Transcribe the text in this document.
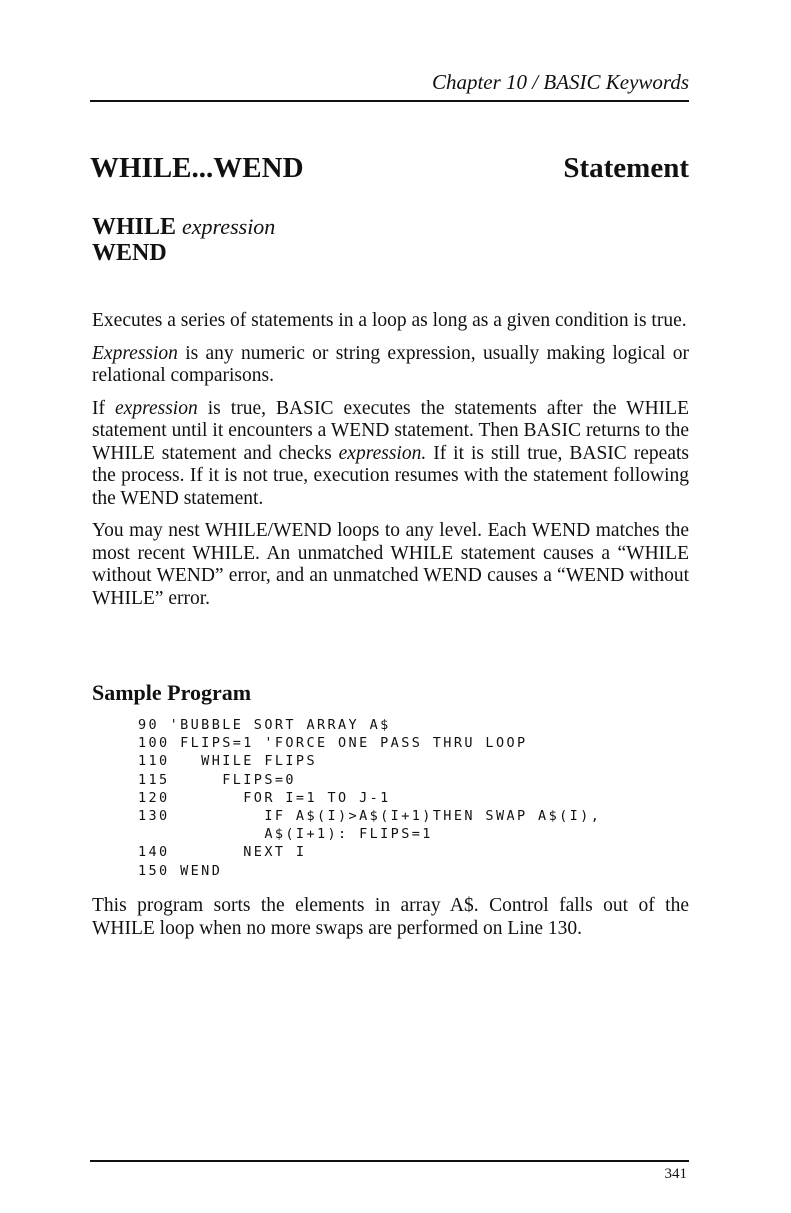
Chapter 10 / BASIC Keywords
WHILE...WEND	Statement
WHILE expression
WEND

Executes a series of statements in a loop as long as a given condition is true.

Expression is any numeric or string expression, usually making logical or relational comparisons.

If expression is true, BASIC executes the statements after the WHILE statement until it encounters a WEND statement. Then BASIC returns to the WHILE statement and checks expression. If it is still true, BASIC repeats the process. If it is not true, execution resumes with the statement following the WEND statement.

You may nest WHILE/WEND loops to any level. Each WEND matches the most recent WHILE. An unmatched WHILE statement causes a “WHILE without WEND” error, and an unmatched WEND causes a “WEND without WHILE” error.

Sample Program
90 'BUBBLE SORT ARRAY A$
100 FLIPS=1 'FORCE ONE PASS THRU LOOP
110   WHILE FLIPS
115     FLIPS=0
120       FOR I=1 TO J-1
130         IF A$(I)>A$(I+1)THEN SWAP A$(I),
A$(I+1): FLIPS=1
140       NEXT I
150 WEND
This program sorts the elements in array A$. Control falls out of the WHILE loop when no more swaps are performed on Line 130.
341
